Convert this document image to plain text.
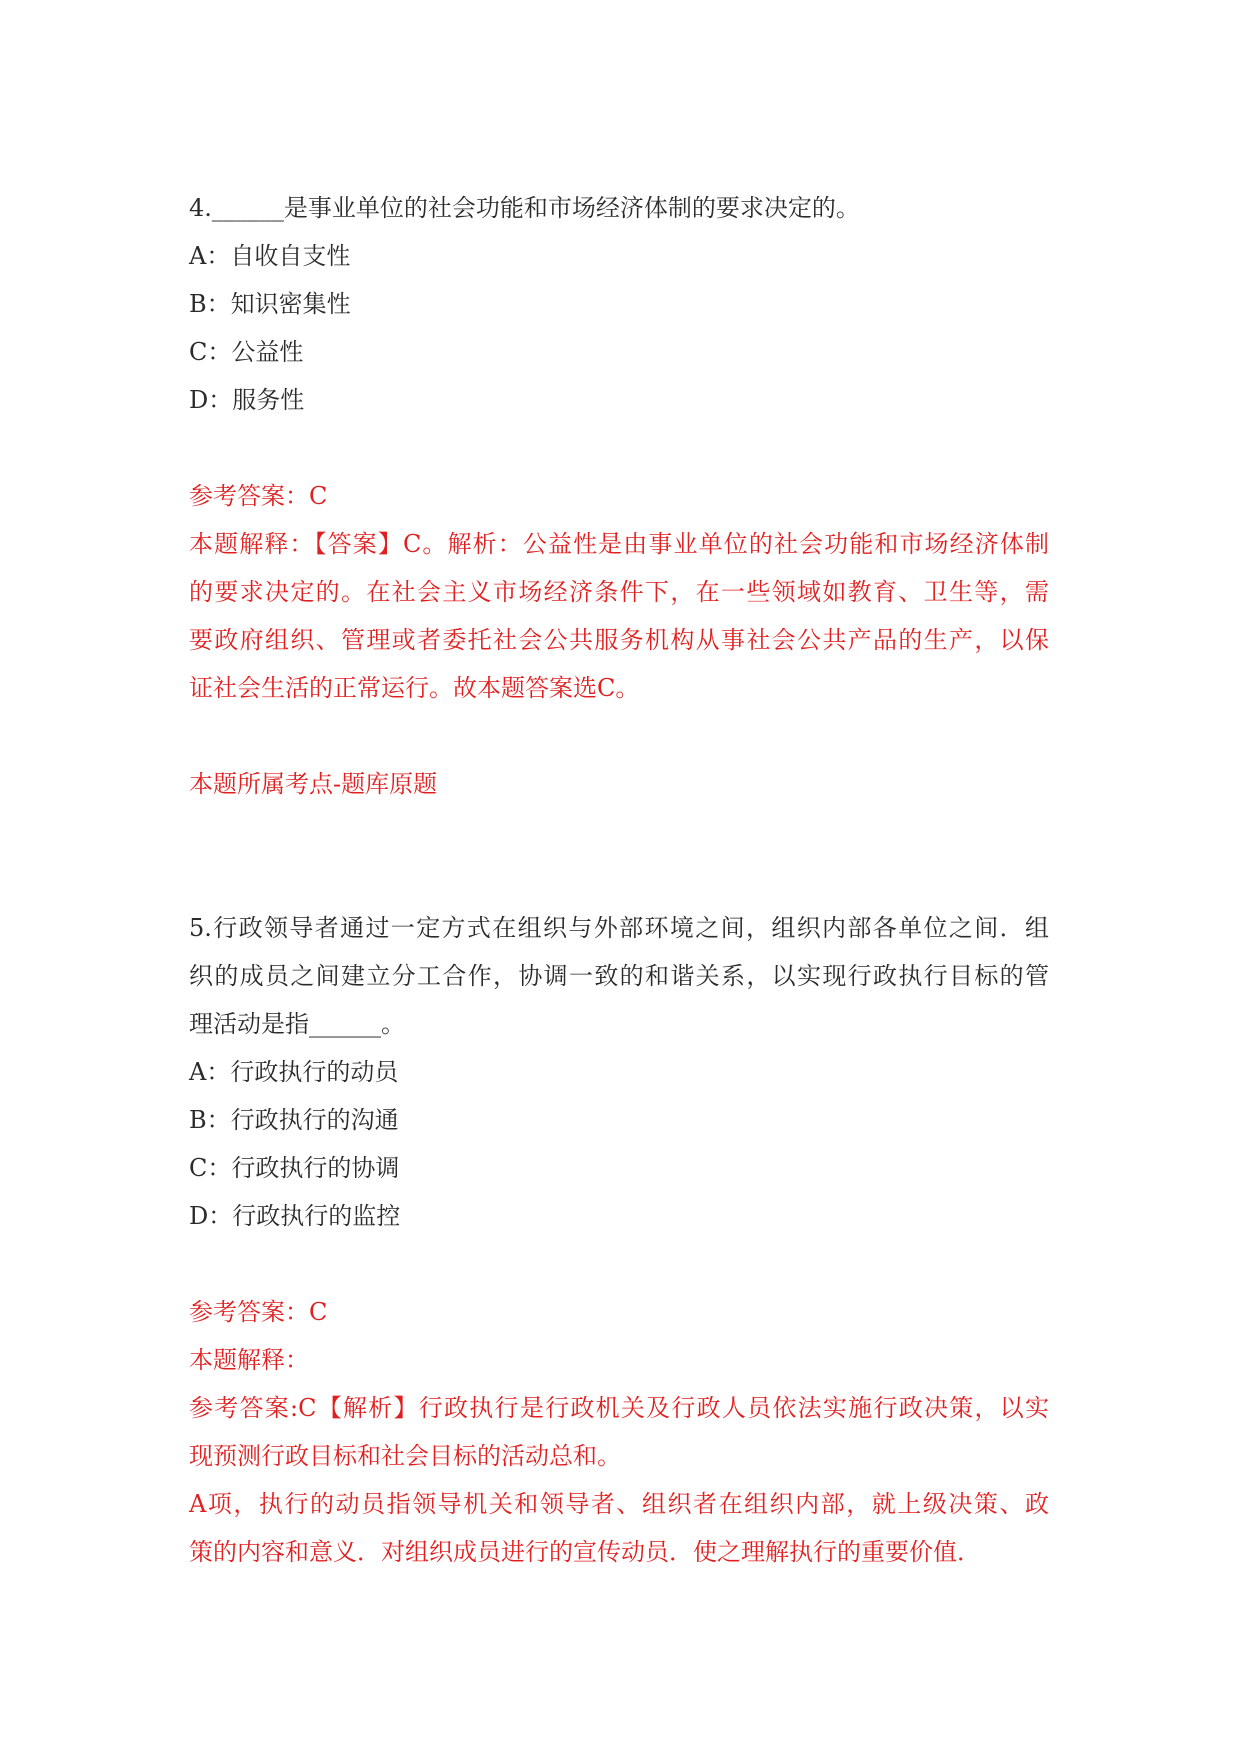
4.______是事业单位的社会功能和市场经济体制的要求决定的。
A：自收自支性
B：知识密集性
C：公益性
D：服务性
参考答案：C
本题解释：【答案】C。解析：公益性是由事业单位的社会功能和市场经济体制
的要求决定的。在社会主义市场经济条件下，在一些领域如教育、卫生等，需
要政府组织、管理或者委托社会公共服务机构从事社会公共产品的生产，以保
证社会生活的正常运行。故本题答案选C。
本题所属考点-题库原题
5.行政领导者通过一定方式在组织与外部环境之间，组织内部各单位之间．组
织的成员之间建立分工合作，协调一致的和谐关系，以实现行政执行目标的管
理活动是指______。
A：行政执行的动员
B：行政执行的沟通
C：行政执行的协调
D：行政执行的监控
参考答案：C
本题解释：
参考答案:C【解析】行政执行是行政机关及行政人员依法实施行政决策，以实
现预测行政目标和社会目标的活动总和。
A项，执行的动员指领导机关和领导者、组织者在组织内部，就上级决策、政
策的内容和意义．对组织成员进行的宣传动员．使之理解执行的重要价值．
